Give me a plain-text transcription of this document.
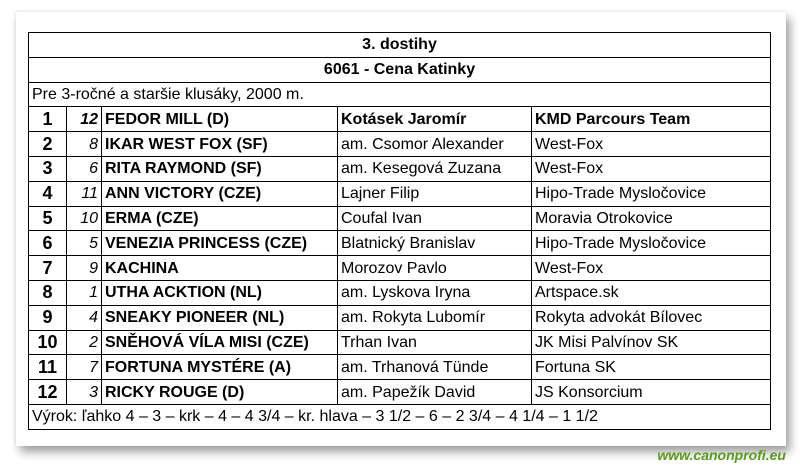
3. dostihy				
6061 - Cena Katinky				
Pre 3-ročné a staršie klusáky, 2000 m.				
1	12	FEDOR MILL (D)	Kotásek Jaromír	KMD Parcours Team
2	8	IKAR WEST FOX (SF)	am. Csomor Alexander	West-Fox
3	6	RITA RAYMOND (SF)	am. Kesegová Zuzana	West-Fox
4	11	ANN VICTORY (CZE)	Lajner Filip	Hipo-Trade Mysločovice
5	10	ERMA (CZE)	Coufal Ivan	Moravia Otrokovice
6	5	VENEZIA PRINCESS (CZE)	Blatnický Branislav	Hipo-Trade Mysločovice
7	9	KACHINA	Morozov Pavlo	West-Fox
8	1	UTHA ACKTION (NL)	am. Lyskova Iryna	Artspace.sk
9	4	SNEAKY PIONEER (NL)	am. Rokyta Lubomír	Rokyta advokát Bílovec
10	2	SNĚHOVÁ VÍLA MISI (CZE)	Trhan Ivan	JK Misi Palvínov SK
11	7	FORTUNA MYSTÉRE (A)	am. Trhanová Tünde	Fortuna SK
12	3	RICKY ROUGE (D)	am. Papežík David	JS Konsorcium
Výrok: ľahko 4 – 3 – krk – 4 – 4 3/4 – kr. hlava – 3 1/2 – 6 – 2 3/4 – 4 1/4 – 1 1/2				
www.canonprofi.eu
